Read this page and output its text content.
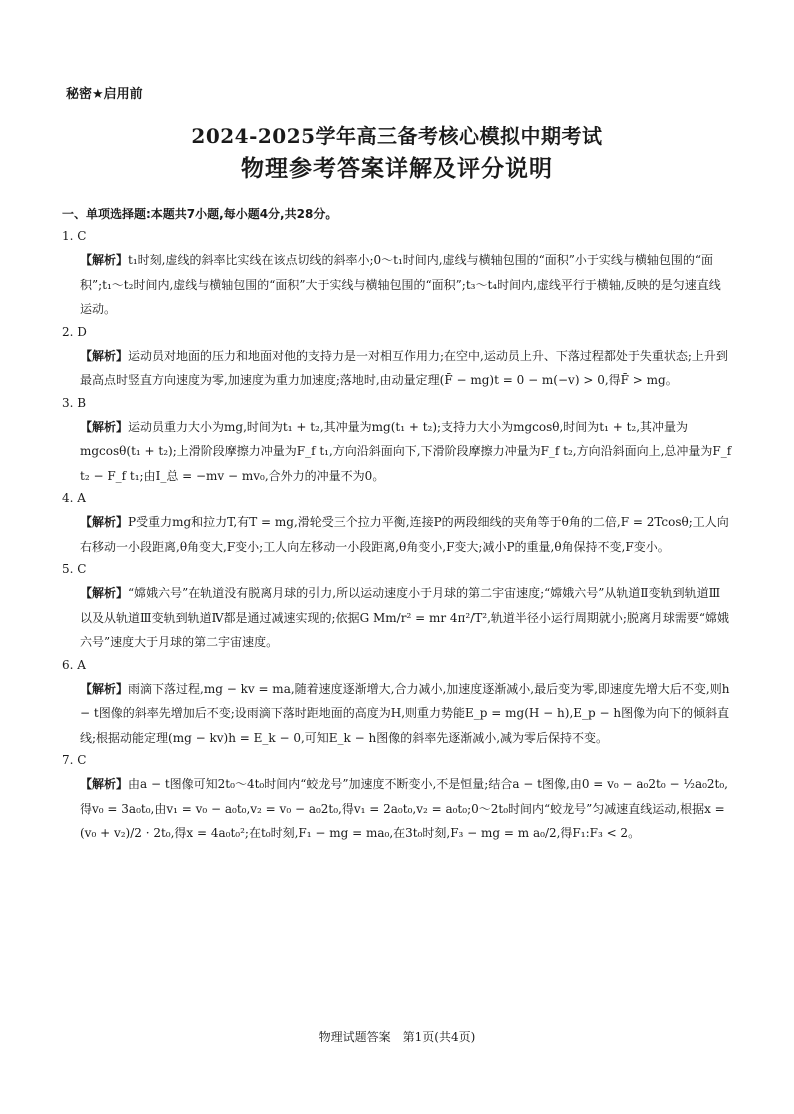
秘密★启用前
2024-2025学年高三备考核心模拟中期考试
物理参考答案详解及评分说明
一、单项选择题:本题共7小题,每小题4分,共28分。
1. C

【解析】t₁时刻,虚线的斜率比实线在该点切线的斜率小;0～t₁时间内,虚线与横轴包围的“面积”小于实线与横轴包围的“面积”;t₁～t₂时间内,虚线与横轴包围的“面积”大于实线与横轴包围的“面积”;t₃～t₄时间内,虚线平行于横轴,反映的是匀速直线运动。

2. D

【解析】运动员对地面的压力和地面对他的支持力是一对相互作用力;在空中,运动员上升、下落过程都处于失重状态;上升到最高点时竖直方向速度为零,加速度为重力加速度;落地时,由动量定理(F̄ − mg)t = 0 − m(−v) > 0,得F̄ > mg。

3. B

【解析】运动员重力大小为mg,时间为t₁ + t₂,其冲量为mg(t₁ + t₂);支持力大小为mgcosθ,时间为t₁ + t₂,其冲量为mgcosθ(t₁ + t₂);上滑阶段摩擦力冲量为F_f t₁,方向沿斜面向下,下滑阶段摩擦力冲量为F_f t₂,方向沿斜面向上,总冲量为F_f t₂ − F_f t₁;由I_总 = −mv − mv₀,合外力的冲量不为0。

4. A

【解析】P受重力mg和拉力T,有T = mg,滑轮受三个拉力平衡,连接P的两段细线的夹角等于θ角的二倍,F = 2Tcosθ;工人向右移动一小段距离,θ角变大,F变小;工人向左移动一小段距离,θ角变小,F变大;减小P的重量,θ角保持不变,F变小。

5. C

【解析】“嫦娥六号”在轨道没有脱离月球的引力,所以运动速度小于月球的第二宇宙速度;“嫦娥六号”从轨道Ⅱ变轨到轨道Ⅲ以及从轨道Ⅲ变轨到轨道Ⅳ都是通过减速实现的;依据G Mm/r² = mr 4π²/T²,轨道半径小运行周期就小;脱离月球需要“嫦娥六号”速度大于月球的第二宇宙速度。

6. A

【解析】雨滴下落过程,mg − kv = ma,随着速度逐渐增大,合力减小,加速度逐渐减小,最后变为零,即速度先增大后不变,则h − t图像的斜率先增加后不变;设雨滴下落时距地面的高度为H,则重力势能E_p = mg(H − h),E_p − h图像为向下的倾斜直线;根据动能定理(mg − kv)h = E_k − 0,可知E_k − h图像的斜率先逐渐减小,减为零后保持不变。

7. C

【解析】由a − t图像可知2t₀～4t₀时间内“蛟龙号”加速度不断变小,不是恒量;结合a − t图像,由0 = v₀ − a₀2t₀ − ½a₀2t₀,得v₀ = 3a₀t₀,由v₁ = v₀ − a₀t₀,v₂ = v₀ − a₀2t₀,得v₁ = 2a₀t₀,v₂ = a₀t₀;0～2t₀时间内“蛟龙号”匀减速直线运动,根据x = (v₀ + v₂)/2 · 2t₀,得x = 4a₀t₀²;在t₀时刻,F₁ − mg = ma₀,在3t₀时刻,F₃ − mg = m a₀/2,得F₁:F₃ < 2。

物理试题答案　第1页(共4页)
